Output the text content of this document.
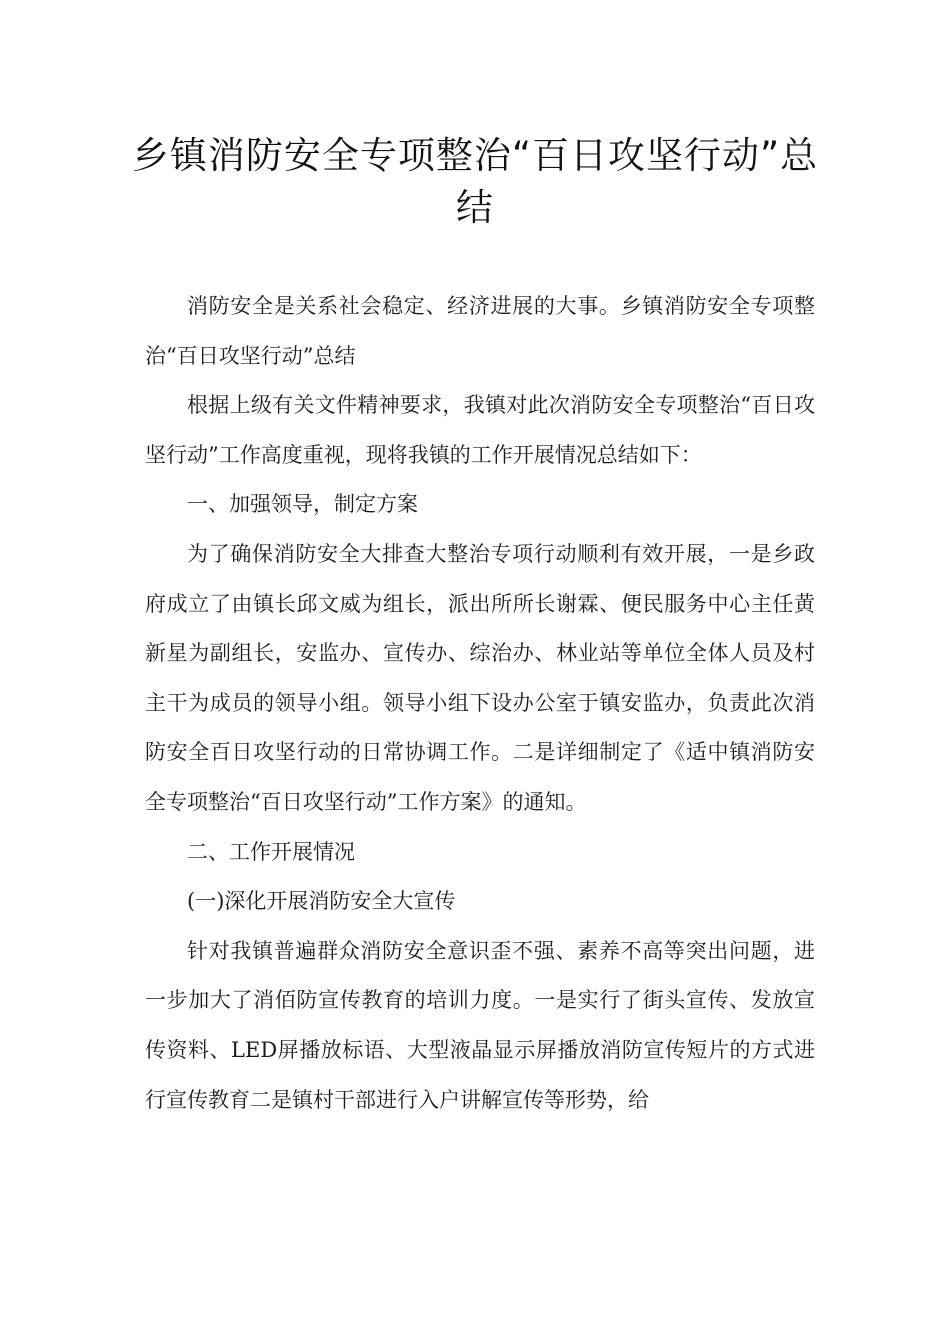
乡镇消防安全专项整治“百日攻坚行动”总结

消防安全是关系社会稳定、经济进展的大事。乡镇消防安全专项整治“百日攻坚行动”总结

根据上级有关文件精神要求，我镇对此次消防安全专项整治“百日攻坚行动”工作高度重视，现将我镇的工作开展情况总结如下：

一、加强领导，制定方案

为了确保消防安全大排查大整治专项行动顺利有效开展，一是乡政府成立了由镇长邱文威为组长，派出所所长谢霖、便民服务中心主任黄新星为副组长，安监办、宣传办、综治办、林业站等单位全体人员及村主干为成员的领导小组。领导小组下设办公室于镇安监办，负责此次消防安全百日攻坚行动的日常协调工作。二是详细制定了《适中镇消防安全专项整治“百日攻坚行动”工作方案》的通知。

二、工作开展情况

(一)深化开展消防安全大宣传

针对我镇普遍群众消防安全意识歪不强、素养不高等突出问题，进一步加大了消佰防宣传教育的培训力度。一是实行了街头宣传、发放宣传资料、LED屏播放标语、大型液晶显示屏播放消防宣传短片的方式进行宣传教育二是镇村干部进行入户讲解宣传等形势，给
